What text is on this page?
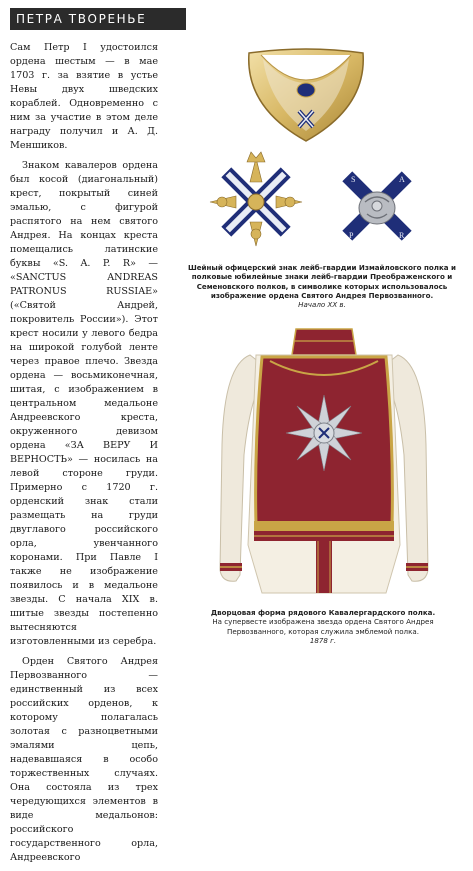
ПЕТРА ТВОРЕНЬЕ

Сам Петр I удостоился ордена шестым — в мае 1703 г. за взятие в устье Невы двух шведских кораблей. Одновременно с ним за участие в этом деле награду получил и А. Д. Меншиков.

Знаком кавалеров ордена был косой (диагональный) крест, покрытый синей эмалью, с фигурой распятого на нем святого Андрея. На концах креста помещались латинские буквы «S. A. P. R» — «SANCTUS ANDREAS PATRONUS RUSSIAE» («Святой Андрей, покровитель России»). Этот крест носили у левого бедра на широкой голубой ленте через правое плечо. Звезда ордена — восьмиконечная, шитая, с изображением в центральном медальоне Андреевского креста, окруженного девизом ордена «ЗА ВЕРУ И ВЕРНОСТЬ» — носилась на левой стороне груди. Примерно с 1720 г. орденский знак стали размещать на груди двуглавого российского орла, увенчанного коронами. При Павле I также не изображение появилось и в медальоне звезды. С начала XIX в. шитые звезды постепенно вытесняются изготовленными из серебра.

Орден Святого Андрея Первозванного — единственный из всех российских орденов, к которому полагалась золотая с разноцветными эмалями цепь, надевавшаяся в особо торжественных случаях. Она состояла из трех чередующихся элементов в виде медальонов: российского государственного орла, Андреевского

S	A
P	R
Шейный офицерский знак лейб-гвардии Измайловского полка и полковые юбилейные знаки лейб-гвардии Преображенского и Семеновского полков, в символике которых использовалось изображение ордена Святого Андрея Первозванного.
Начало XX в.
Дворцовая форма рядового Кавалергардского полка.
На супервесте изображена звезда ордена Святого Андрея Первозванного, которая служила эмблемой полка.
1878 г.
